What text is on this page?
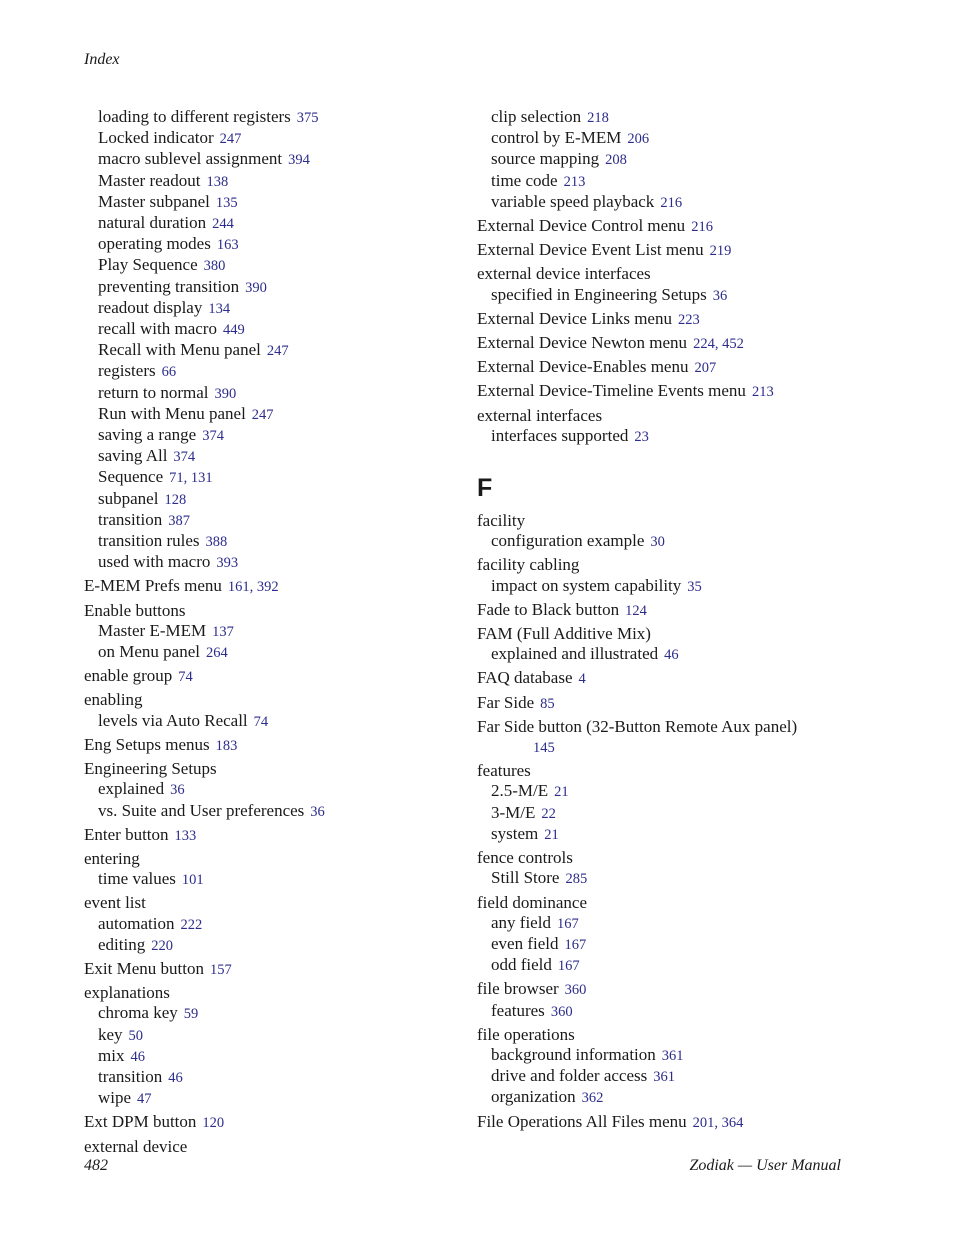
Index
loading to different registers 375
Locked indicator 247
macro sublevel assignment 394
Master readout 138
Master subpanel 135
natural duration 244
operating modes 163
Play Sequence 380
preventing transition 390
readout display 134
recall with macro 449
Recall with Menu panel 247
registers 66
return to normal 390
Run with Menu panel 247
saving a range 374
saving All 374
Sequence 71, 131
subpanel 128
transition 387
transition rules 388
used with macro 393
E-MEM Prefs menu 161, 392
Enable buttons
Master E-MEM 137
on Menu panel 264
enable group 74
enabling
levels via Auto Recall 74
Eng Setups menus 183
Engineering Setups
explained 36
vs. Suite and User preferences 36
Enter button 133
entering
time values 101
event list
automation 222
editing 220
Exit Menu button 157
explanations
chroma key 59
key 50
mix 46
transition 46
wipe 47
Ext DPM button 120
external device
clip selection 218
control by E-MEM 206
source mapping 208
time code 213
variable speed playback 216
External Device Control menu 216
External Device Event List menu 219
external device interfaces
specified in Engineering Setups 36
External Device Links menu 223
External Device Newton menu 224, 452
External Device-Enables menu 207
External Device-Timeline Events menu 213
external interfaces
interfaces supported 23
F
facility
configuration example 30
facility cabling
impact on system capability 35
Fade to Black button 124
FAM (Full Additive Mix)
explained and illustrated 46
FAQ database 4
Far Side 85
Far Side button (32-Button Remote Aux panel)
145
features
2.5-M/E 21
3-M/E 22
system 21
fence controls
Still Store 285
field dominance
any field 167
even field 167
odd field 167
file browser 360
features 360
file operations
background information 361
drive and folder access 361
organization 362
File Operations All Files menu 201, 364
482	Zodiak — User Manual
